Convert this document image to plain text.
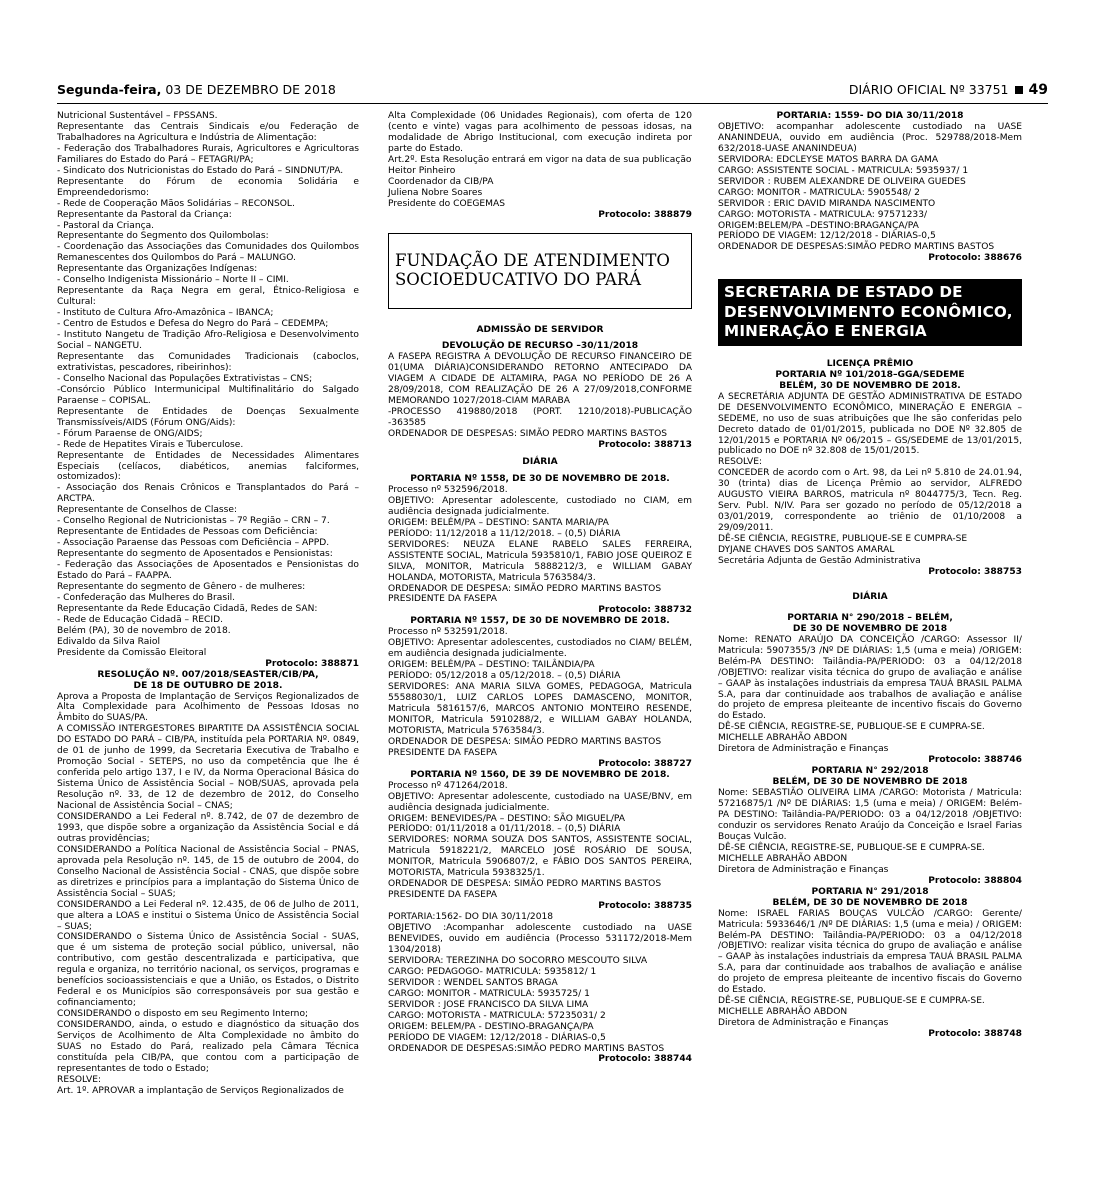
Segunda-feira, 03 DE DEZEMBRO DE 2018	DIÁRIO OFICIAL Nº 33751 49

Nutricional Sustentável – FPSSANS.

Representante das Centrais Sindicais e/ou Federação de Trabalhadores na Agricultura e Indústria de Alimentação:

- Federação dos Trabalhadores Rurais, Agricultores e Agricultoras Familiares do Estado do Pará – FETAGRI/PA;

- Sindicato dos Nutricionistas do Estado do Pará – SINDNUT/PA.

Representante do Fórum de economia Solidária e Empreendedorismo:

- Rede de Cooperação Mãos Solidárias – RECONSOL.

Representante da Pastoral da Criança:

- Pastoral da Criança.

Representante do Segmento dos Quilombolas:

- Coordenação das Associações das Comunidades dos Quilombos Remanescentes dos Quilombos do Pará – MALUNGO.

Representante das Organizações Indígenas:

- Conselho Indigenista Missionário – Norte II – CIMI.

Representante da Raça Negra em geral, Étnico-Religiosa e Cultural:

- Instituto de Cultura Afro-Amazônica – IBANCA;

- Centro de Estudos e Defesa do Negro do Pará – CEDEMPA;

- Instituto Nangetu de Tradição Afro-Religiosa e Desenvolvimento Social – NANGETU.

Representante das Comunidades Tradicionais (caboclos, extrativistas, pescadores, ribeirinhos):

- Conselho Nacional das Populações Extrativistas – CNS;

-Consórcio Público Intermunicipal Multifinalitário do Salgado Paraense – COPISAL.

Representante de Entidades de Doenças Sexualmente Transmissíveis/AIDS (Fórum ONG/Aids):

- Fórum Paraense de ONG/AIDS;

- Rede de Hepatites Virais e Tuberculose.

Representante de Entidades de Necessidades Alimentares Especiais (celíacos, diabéticos, anemias falciformes, ostomizados):

- Associação dos Renais Crônicos e Transplantados do Pará – ARCTPA.

Representante de Conselhos de Classe:

- Conselho Regional de Nutricionistas – 7º Região – CRN – 7.

Representante de Entidades de Pessoas com Deficiência:

- Associação Paraense das Pessoas com Deficiência – APPD.

Representante do segmento de Aposentados e Pensionistas:

- Federação das Associações de Aposentados e Pensionistas do Estado do Pará – FAAPPA.

Representante do segmento de Gênero - de mulheres:

- Confederação das Mulheres do Brasil.

Representante da Rede Educação Cidadã, Redes de SAN:

- Rede de Educação Cidadã – RECID.

Belém (PA), 30 de novembro de 2018.

Edivaldo da Silva Raiol

Presidente da Comissão Eleitoral

Protocolo: 388871

RESOLUÇÃO Nº. 007/2018/SEASTER/CIB/PA,

DE 18 DE OUTUBRO DE 2018.

Aprova a Proposta de Implantação de Serviços Regionalizados de Alta Complexidade para Acolhimento de Pessoas Idosas no Âmbito do SUAS/PA.

A COMISSÃO INTERGESTORES BIPARTITE DA ASSISTÊNCIA SOCIAL DO ESTADO DO PARÁ – CIB/PA, instituída pela PORTARIA Nº. 0849, de 01 de junho de 1999, da Secretaria Executiva de Trabalho e Promoção Social - SETEPS, no uso da competência que lhe é conferida pelo artigo 137, I e IV, da Norma Operacional Básica do Sistema Único de Assistência Social – NOB/SUAS, aprovada pela Resolução nº. 33, de 12 de dezembro de 2012, do Conselho Nacional de Assistência Social – CNAS;

CONSIDERANDO a Lei Federal nº. 8.742, de 07 de dezembro de 1993, que dispõe sobre a organização da Assistência Social e dá outras providências;

CONSIDERANDO a Política Nacional de Assistência Social – PNAS, aprovada pela Resolução nº. 145, de 15 de outubro de 2004, do Conselho Nacional de Assistência Social - CNAS, que dispõe sobre as diretrizes e princípios para a implantação do Sistema Único de Assistência Social – SUAS;

CONSIDERANDO a Lei Federal nº. 12.435, de 06 de Julho de 2011, que altera a LOAS e institui o Sistema Único de Assistência Social – SUAS;

CONSIDERANDO o Sistema Único de Assistência Social - SUAS, que é um sistema de proteção social público, universal, não contributivo, com gestão descentralizada e participativa, que regula e organiza, no território nacional, os serviços, programas e benefícios socioassistenciais e que a União, os Estados, o Distrito Federal e os Municípios são corresponsáveis por sua gestão e cofinanciamento;

CONSIDERANDO o disposto em seu Regimento Interno;

CONSIDERANDO, ainda, o estudo e diagnóstico da situação dos Serviços de Acolhimento de Alta Complexidade no âmbito do SUAS no Estado do Pará, realizado pela Câmara Técnica constituída pela CIB/PA, que contou com a participação de representantes de todo o Estado;

RESOLVE:

Art. 1º. APROVAR a implantação de Serviços Regionalizados de

Alta Complexidade (06 Unidades Regionais), com oferta de 120 (cento e vinte) vagas para acolhimento de pessoas idosas, na modalidade de Abrigo Institucional, com execução indireta por parte do Estado.

Art.2º. Esta Resolução entrará em vigor na data de sua publicação

Heitor Pinheiro

Coordenador da CIB/PA

Juliena Nobre Soares

Presidente do COEGEMAS

Protocolo: 388879

FUNDAÇÃO DE ATENDIMENTO SOCIOEDUCATIVO DO PARÁ

ADMISSÃO DE SERVIDOR

DEVOLUÇÃO DE RECURSO –30/11/2018

A FASEPA REGISTRA A DEVOLUÇÃO DE RECURSO FINANCEIRO DE 01(UMA DIÁRIA)CONSIDERANDO RETORNO ANTECIPADO DA VIAGEM A CIDADE DE ALTAMIRA, PAGA NO PERÍODO DE 26 A 28/09/2018, COM REALIZAÇÃO DE 26 A 27/09/2018,CONFORME MEMORANDO 1027/2018-CIAM MARABA

-PROCESSO 419880/2018 (PORT. 1210/2018)-PUBLICAÇÃO -363585

ORDENADOR DE DESPESAS: SIMÃO PEDRO MARTINS BASTOS

Protocolo: 388713

DIÁRIA

PORTARIA Nº 1558, DE 30 DE NOVEMBRO DE 2018.

Processo nº 532596/2018.

OBJETIVO: Apresentar adolescente, custodiado no CIAM, em audiência designada judicialmente.

ORIGEM: BELÉM/PA – DESTINO: SANTA MARIA/PA

PERÍODO: 11/12/2018 a 11/12/2018. – (0,5) DIÁRIA

SERVIDORES: NEUZA ELANE RABELO SALES FERREIRA, ASSISTENTE SOCIAL, Matricula 5935810/1, FABIO JOSE QUEIROZ E SILVA, MONITOR, Matricula 5888212/3, e WILLIAM GABAY HOLANDA, MOTORISTA, Matricula 5763584/3.

ORDENADOR DE DESPESA: SIMÃO PEDRO MARTINS BASTOS

PRESIDENTE DA FASEPA

Protocolo: 388732

PORTARIA Nº 1557, DE 30 DE NOVEMBRO DE 2018.

Processo nº 532591/2018.

OBJETIVO: Apresentar adolescentes, custodiados no CIAM/ BELÉM, em audiência designada judicialmente.

ORIGEM: BELÉM/PA – DESTINO: TAILÂNDIA/PA

PERÍODO: 05/12/2018 a 05/12/2018. – (0,5) DIÁRIA

SERVIDORES: ANA MARIA SILVA GOMES, PEDAGOGA, Matricula 55588030/1, LUIZ CARLOS LOPES DAMASCENO, MONITOR, Matricula 5816157/6, MARCOS ANTONIO MONTEIRO RESENDE, MONITOR, Matricula 5910288/2, e WILLIAM GABAY HOLANDA, MOTORISTA, Matricula 5763584/3.

ORDENADOR DE DESPESA: SIMÃO PEDRO MARTINS BASTOS

PRESIDENTE DA FASEPA

Protocolo: 388727

PORTARIA Nº 1560, DE 39 DE NOVEMBRO DE 2018.

Processo nº 471264/2018.

OBJETIVO: Apresentar adolescente, custodiado na UASE/BNV, em audiência designada judicialmente.

ORIGEM: BENEVIDES/PA – DESTINO: SÃO MIGUEL/PA

PERÍODO: 01/11/2018 a 01/11/2018. – (0,5) DIÁRIA

SERVIDORES: NORMA SOUZA DOS SANTOS, ASSISTENTE SOCIAL, Matricula 5918221/2, MARCELO JOSÉ ROSÁRIO DE SOUSA, MONITOR, Matricula 5906807/2, e FÁBIO DOS SANTOS PEREIRA, MOTORISTA, Matricula 5938325/1.

ORDENADOR DE DESPESA: SIMÃO PEDRO MARTINS BASTOS

PRESIDENTE DA FASEPA

Protocolo: 388735

PORTARIA:1562- DO DIA 30/11/2018

OBJETIVO :Acompanhar adolescente custodiado na UASE BENEVIDES, ouvido em audiência (Processo 531172/2018-Mem 1304/2018)

SERVIDORA: TEREZINHA DO SOCORRO MESCOUTO SILVA

CARGO: PEDAGOGO- MATRICULA: 5935812/ 1

SERVIDOR : WENDEL SANTOS BRAGA

CARGO: MONITOR - MATRICULA: 5935725/ 1

SERVIDOR : JOSE FRANCISCO DA SILVA LIMA

CARGO: MOTORISTA - MATRICULA: 57235031/ 2

ORIGEM: BELEM/PA - DESTINO-BRAGANÇA/PA

PERÍODO DE VIAGEM: 12/12/2018 - DIÁRIAS-0,5

ORDENADOR DE DESPESAS:SIMÃO PEDRO MARTINS BASTOS

Protocolo: 388744

PORTARIA: 1559- DO DIA 30/11/2018

OBJETIVO: acompanhar adolescente custodiado na UASE ANANINDEUA, ouvido em audiência (Proc. 529788/2018-Mem 632/2018-UASE ANANINDEUA)

SERVIDORA: EDCLEYSE MATOS BARRA DA GAMA

CARGO: ASSISTENTE SOCIAL - MATRICULA: 5935937/ 1

SERVIDOR : RUBEM ALEXANDRE DE OLIVEIRA GUEDES

CARGO: MONITOR - MATRICULA: 5905548/ 2

SERVIDOR : ERIC DAVID MIRANDA NASCIMENTO

CARGO: MOTORISTA - MATRICULA: 97571233/

ORIGEM:BELEM/PA –DESTINO:BRAGANÇA/PA

PERÍODO DE VIAGEM: 12/12/2018 - DIÁRIAS-0,5

ORDENADOR DE DESPESAS:SIMÃO PEDRO MARTINS BASTOS

Protocolo: 388676

SECRETARIA DE ESTADO DE DESENVOLVIMENTO ECONÔMICO, MINERAÇÃO E ENERGIA

LICENÇA PRÊMIO

PORTARIA Nº 101/2018–GGA/SEDEME

BELÉM, 30 DE NOVEMBRO DE 2018.

A SECRETÁRIA ADJUNTA DE GESTÃO ADMINISTRATIVA DE ESTADO DE DESENVOLVIMENTO ECONÔMICO, MINERAÇÃO E ENERGIA – SEDEME, no uso de suas atribuições que lhe são conferidas pelo Decreto datado de 01/01/2015, publicada no DOE Nº 32.805 de 12/01/2015 e PORTARIA Nº 06/2015 – GS/SEDEME de 13/01/2015, publicado no DOE nº 32.808 de 15/01/2015.

RESOLVE:

CONCEDER de acordo com o Art. 98, da Lei nº 5.810 de 24.01.94, 30 (trinta) dias de Licença Prêmio ao servidor, ALFREDO AUGUSTO VIEIRA BARROS, matricula nº 8044775/3, Tecn. Reg. Serv. Publ. N/IV. Para ser gozado no período de 05/12/2018 a 03/01/2019, correspondente ao triênio de 01/10/2008 a 29/09/2011.

DÊ-SE CIÊNCIA, REGISTRE, PUBLIQUE-SE E CUMPRA-SE

DYJANE CHAVES DOS SANTOS AMARAL

Secretária Adjunta de Gestão Administrativa

Protocolo: 388753

DIÁRIA

PORTARIA N° 290/2018 – BELÉM,

DE 30 DE NOVEMBRO DE 2018

Nome: RENATO ARAÚJO DA CONCEIÇÃO /CARGO: Assessor II/ Matricula: 5907355/3 /Nº DE DIÁRIAS: 1,5 (uma e meia) /ORIGEM: Belém-PA DESTINO: Tailândia-PA/PERIODO: 03 a 04/12/2018 /OBJETIVO: realizar visita técnica do grupo de avaliação e análise – GAAP às instalações industriais da empresa TAUÁ BRASIL PALMA S.A, para dar continuidade aos trabalhos de avaliação e análise do projeto de empresa pleiteante de incentivo fiscais do Governo do Estado.

DÊ-SE CIÊNCIA, REGISTRE-SE, PUBLIQUE-SE E CUMPRA-SE.

MICHELLE ABRAHÃO ABDON

Diretora de Administração e Finanças

Protocolo: 388746

PORTARIA N° 292/2018

BELÉM, DE 30 DE NOVEMBRO DE 2018

Nome: SEBASTIÃO OLIVEIRA LIMA /CARGO: Motorista / Matricula: 57216875/1 /Nº DE DIÁRIAS: 1,5 (uma e meia) / ORIGEM: Belém-PA DESTINO: Tailândia-PA/PERIODO: 03 a 04/12/2018 /OBJETIVO: conduzir os servidores Renato Araújo da Conceição e Israel Farias Bouças Vulcão.

DÊ-SE CIÊNCIA, REGISTRE-SE, PUBLIQUE-SE E CUMPRA-SE.

MICHELLE ABRAHÃO ABDON

Diretora de Administração e Finanças

Protocolo: 388804

PORTARIA N° 291/2018

BELÉM, DE 30 DE NOVEMBRO DE 2018

Nome: ISRAEL FARIAS BOUÇAS VULCÃO /CARGO: Gerente/ Matricula: 5933646/1 /Nº DE DIÁRIAS: 1,5 (uma e meia) / ORIGEM: Belém-PA DESTINO: Tailândia-PA/PERIODO: 03 a 04/12/2018 /OBJETIVO: realizar visita técnica do grupo de avaliação e análise – GAAP às instalações industriais da empresa TAUÁ BRASIL PALMA S.A, para dar continuidade aos trabalhos de avaliação e análise do projeto de empresa pleiteante de incentivo fiscais do Governo do Estado.

DÊ-SE CIÊNCIA, REGISTRE-SE, PUBLIQUE-SE E CUMPRA-SE.

MICHELLE ABRAHÃO ABDON

Diretora de Administração e Finanças

Protocolo: 388748
